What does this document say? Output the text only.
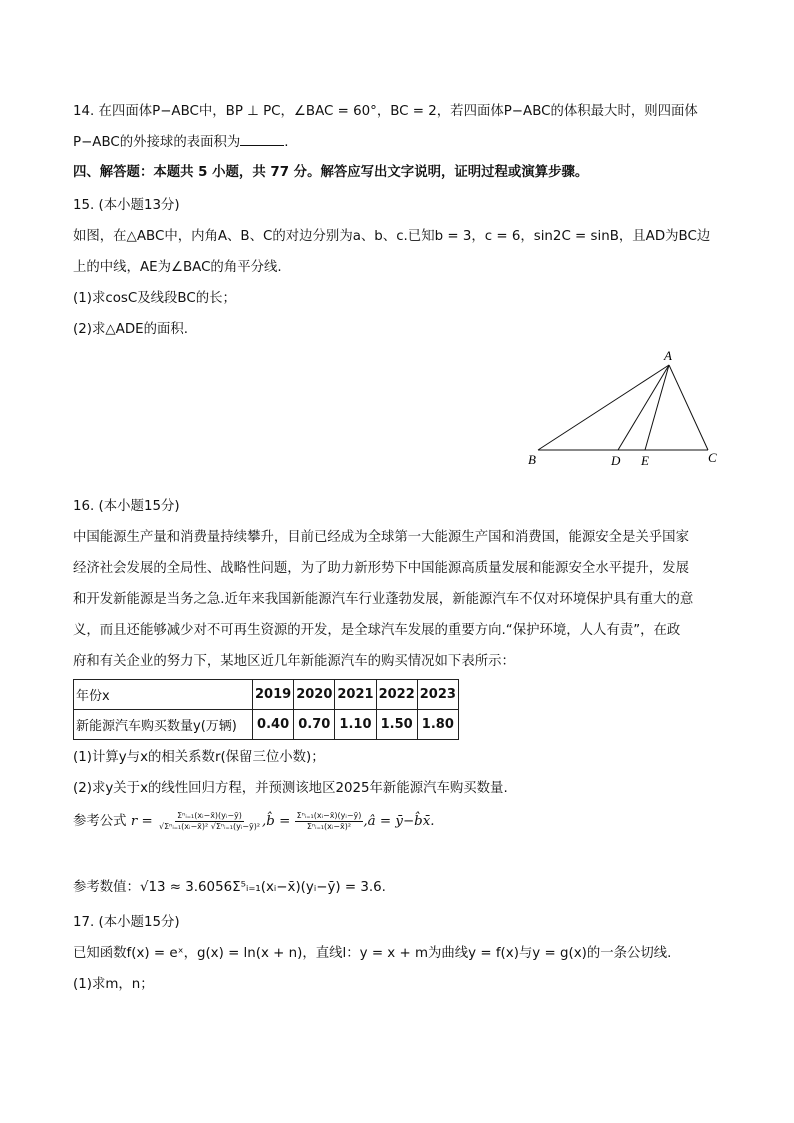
14. 在四面体P−ABC中，BP ⊥ PC，∠BAC = 60°，BC = 2，若四面体P−ABC的体积最大时，则四面体
P−ABC的外接球的表面积为	.
四、解答题：本题共 5 小题，共 77 分。解答应写出文字说明，证明过程或演算步骤。
15. (本小题13分)
如图，在△ABC中，内角A、B、C的对边分别为a、b、c.已知b = 3，c = 6，sin2C = sinB，且AD为BC边
上的中线，AE为∠BAC的角平分线.
(1)求cosC及线段BC的长；
(2)求△ADE的面积.
A
B	C
D E
16. (本小题15分)
中国能源生产量和消费量持续攀升，目前已经成为全球第一大能源生产国和消费国，能源安全是关乎国家
经济社会发展的全局性、战略性问题，为了助力新形势下中国能源高质量发展和能源安全水平提升，发展
和开发新能源是当务之急.近年来我国新能源汽车行业蓬勃发展，新能源汽车不仅对环境保护具有重大的意
义，而且还能够减少对不可再生资源的开发，是全球汽车发展的重要方向.“保护环境，人人有责”，在政
府和有关企业的努力下，某地区近几年新能源汽车的购买情况如下表所示：
年份x	2019	2020	2021	2022	2023
新能源汽车购买数量y(万辆)	0.40	0.70	1.10	1.50	1.80
(1)计算y与x的相关系数r(保留三位小数)；
(2)求y关于x的线性回归方程，并预测该地区2025年新能源汽车购买数量.
参考公式 $r = \frac{\text{Σⁿᵢ₌₁(xᵢ−x̄)(yᵢ−ȳ)}}{\text{√Σⁿᵢ₌₁(xᵢ−x̄)² √Σⁿᵢ₌₁(yᵢ−ȳ)²}}$ ,b̂ = $\frac{\text{Σⁿᵢ₌₁(xᵢ−x̄)(yᵢ−ȳ)}}{\text{Σⁿᵢ₌₁(xᵢ−x̄)²}}$ ,â = ȳ−b̂x̄.
参考数值：√13 ≈ 3.6056Σ⁵ᵢ₌₁(xᵢ−x̄)(yᵢ−ȳ) = 3.6.
17. (本小题15分)
已知函数f(x) = eˣ，g(x) = ln(x + n)，直线l：y = x + m为曲线y = f(x)与y = g(x)的一条公切线.
(1)求m，n；
